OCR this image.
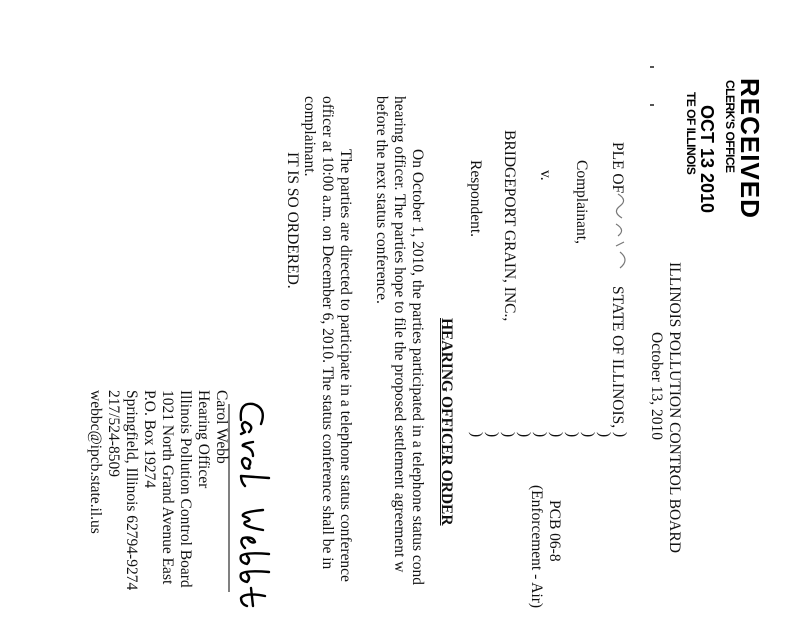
RECEIVED
CLERK'S OFFICE
OCT 13 2010
TE OF ILLINOIS
ILLINOIS POLLUTION CONTROL BOARD
October 13, 2010
PLE OF
STATE OF ILLINOIS,
Complainant,
v.
BRIDGEPORT GRAIN, INC.,
Respondent.
)
)
)
)
)
)
)
)
)
)
PCB 06-8
(Enforcement - Air)
HEARING OFFICER ORDER
On October 1, 2010, the parties participated in a telephone status cond
hearing officer. The parties hope to file the proposed settlement agreement w
before the next status conference.
The parties are directed to participate in a telephone status conference
officer at 10:00 a.m. on December 6, 2010. The status conference shall be in
complainant.
IT IS SO ORDERED.
Carol Webb
Hearing Officer
Illinois Pollution Control Board
1021 North Grand Avenue East
P.O. Box 19274
Springfield, Illinois 62794-9274
217/524-8509
webbc@ipcb.state.il.us
